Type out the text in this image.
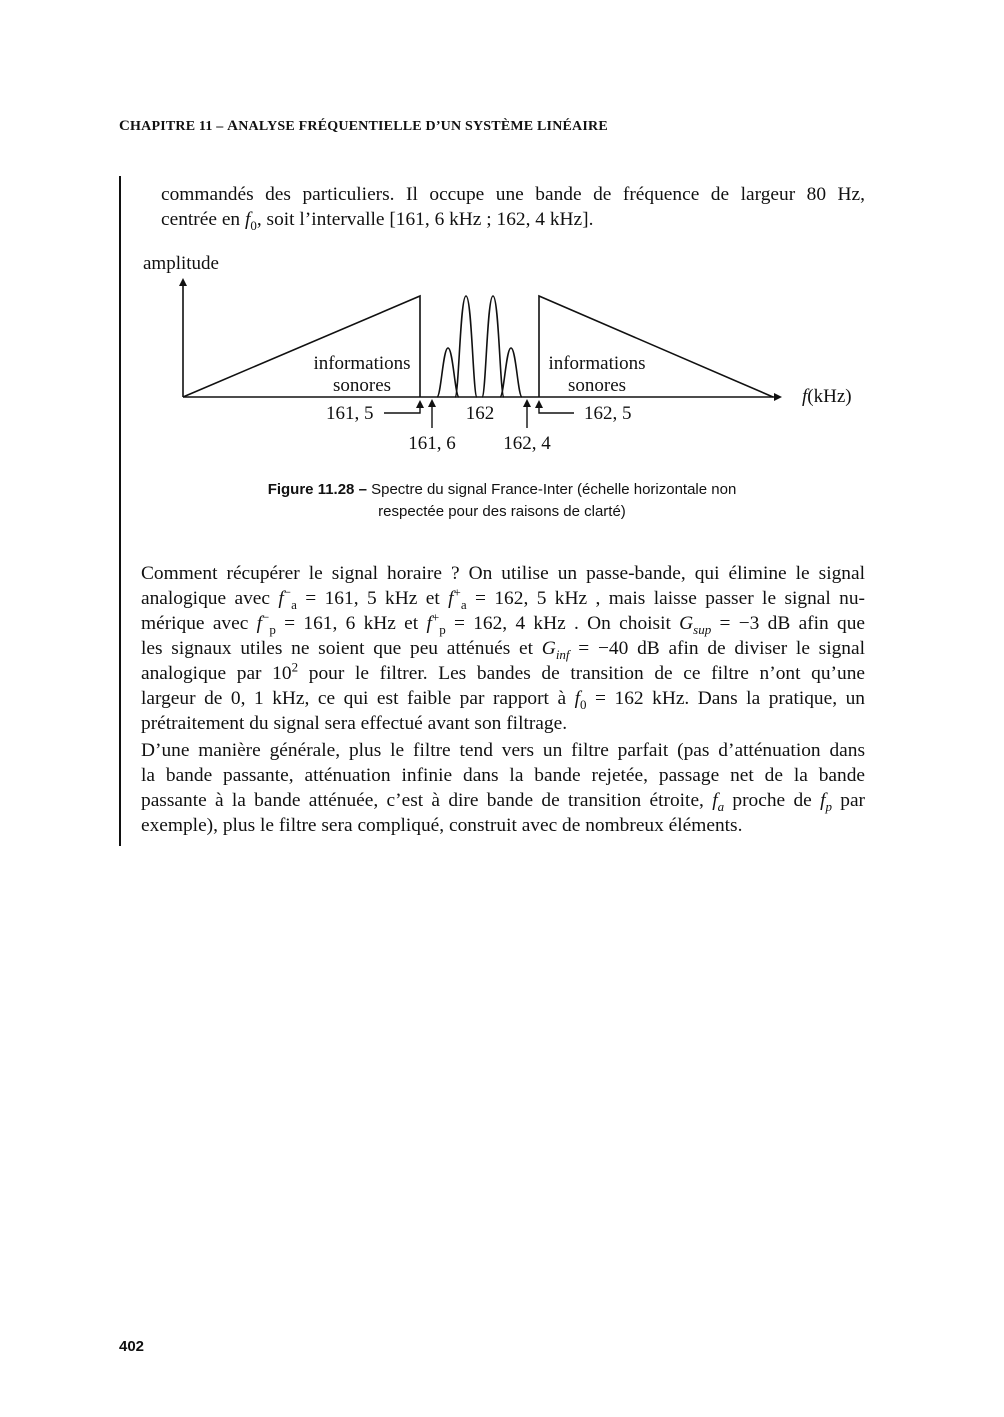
CHAPITRE 11 – ANALYSE FRÉQUENTIELLE D’UN SYSTÈME LINÉAIRE
commandés des particuliers. Il occupe une bande de fréquence de largeur 80 Hz,
centrée en $f_0$, soit l’intervalle [161, 6 kHz ; 162, 4 kHz].
amplitude
f(kHz)
informations
sonores
informations
sonores
161, 5	162	162, 5
161, 6	162, 4
Figure 11.28 – Spectre du signal France-Inter (échelle horizontale non
respectée pour des raisons de clarté)
Comment récupérer le signal horaire ? On utilise un passe-bande, qui élimine le signal
analogique avec $f^-_a = 161$, 5 kHz et $f^+_a = 162$, 5 kHz , mais laisse passer le signal nu-
mérique avec $f^-_p = 161$, 6 kHz et $f^+_p = 162$, 4 kHz . On choisit $G_{sup} = -3$ dB afin que
les signaux utiles ne soient que peu atténués et $G_{inf} = -40$ dB afin de diviser le signal
analogique par $10^2$ pour le filtrer. Les bandes de transition de ce filtre n’ont qu’une
largeur de 0, 1 kHz, ce qui est faible par rapport à $f_0 = 162$ kHz. Dans la pratique, un
prétraitement du signal sera effectué avant son filtrage.
D’une manière générale, plus le filtre tend vers un filtre parfait (pas d’atténuation dans
la bande passante, atténuation infinie dans la bande rejetée, passage net de la bande
passante à la bande atténuée, c’est à dire bande de transition étroite, $f_a$ proche de $f_p$ par
exemple), plus le filtre sera compliqué, construit avec de nombreux éléments.
402
